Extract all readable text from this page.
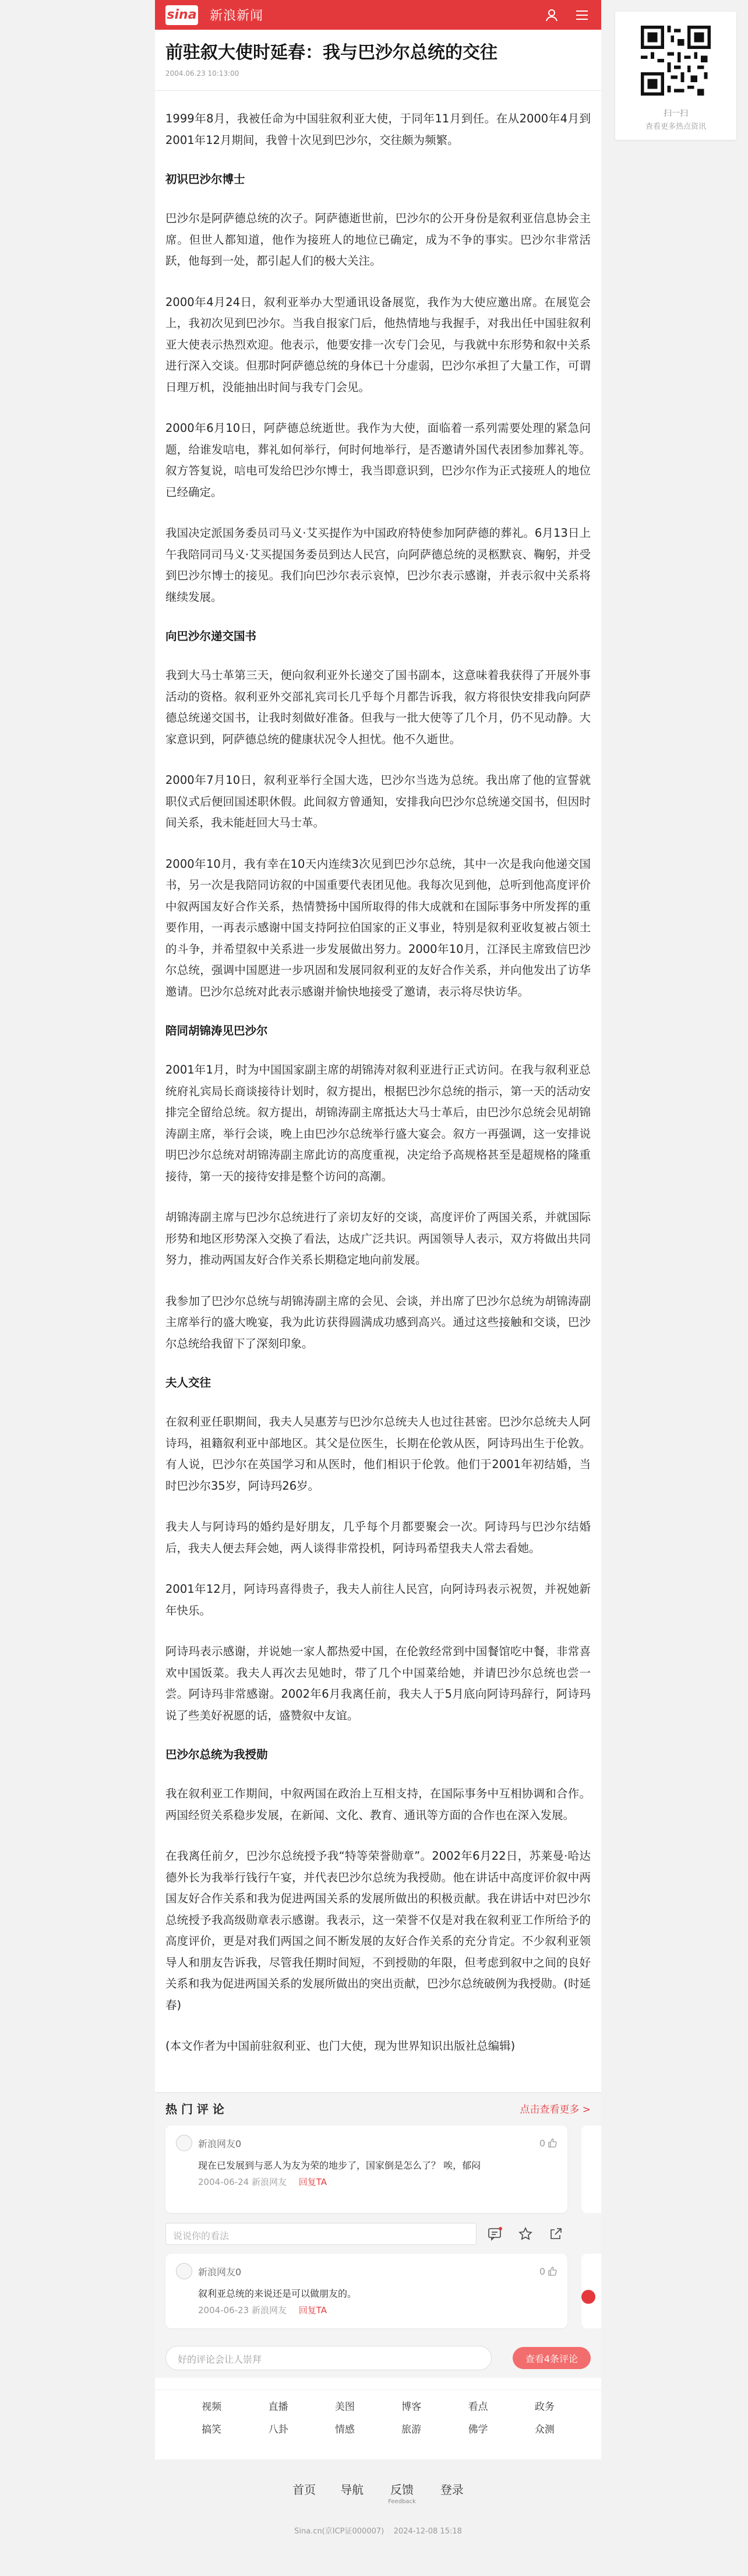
sina 新浪新闻
前驻叙大使时延春：我与巴沙尔总统的交往
2004.06.23 10:13:00

1999年8月，我被任命为中国驻叙利亚大使，于同年11月到任。在从2000年4月到2001年12月期间，我曾十次见到巴沙尔，交往颇为频繁。

初识巴沙尔博士

巴沙尔是阿萨德总统的次子。阿萨德逝世前，巴沙尔的公开身份是叙利亚信息协会主席。但世人都知道，他作为接班人的地位已确定，成为不争的事实。巴沙尔非常活跃，他每到一处，都引起人们的极大关注。

2000年4月24日，叙利亚举办大型通讯设备展览，我作为大使应邀出席。在展览会上，我初次见到巴沙尔。当我自报家门后，他热情地与我握手，对我出任中国驻叙利亚大使表示热烈欢迎。他表示，他要安排一次专门会见，与我就中东形势和叙中关系进行深入交谈。但那时阿萨德总统的身体已十分虚弱，巴沙尔承担了大量工作，可谓日理万机，没能抽出时间与我专门会见。

2000年6月10日，阿萨德总统逝世。我作为大使，面临着一系列需要处理的紧急问题，给谁发唁电，葬礼如何举行，何时何地举行，是否邀请外国代表团参加葬礼等。叙方答复说，唁电可发给巴沙尔博士，我当即意识到，巴沙尔作为正式接班人的地位已经确定。

我国决定派国务委员司马义·艾买提作为中国政府特使参加阿萨德的葬礼。6月13日上午我陪同司马义·艾买提国务委员到达人民宫，向阿萨德总统的灵柩默哀、鞠躬，并受到巴沙尔博士的接见。我们向巴沙尔表示哀悼，巴沙尔表示感谢，并表示叙中关系将继续发展。

向巴沙尔递交国书

我到大马士革第三天，便向叙利亚外长递交了国书副本，这意味着我获得了开展外事活动的资格。叙利亚外交部礼宾司长几乎每个月都告诉我，叙方将很快安排我向阿萨德总统递交国书，让我时刻做好准备。但我与一批大使等了几个月，仍不见动静。大家意识到，阿萨德总统的健康状况令人担忧。他不久逝世。

2000年7月10日，叙利亚举行全国大选，巴沙尔当选为总统。我出席了他的宣誓就职仪式后便回国述职休假。此间叙方曾通知，安排我向巴沙尔总统递交国书，但因时间关系，我未能赶回大马士革。

2000年10月，我有幸在10天内连续3次见到巴沙尔总统，其中一次是我向他递交国书，另一次是我陪同访叙的中国重要代表团见他。我每次见到他，总听到他高度评价中叙两国友好合作关系，热情赞扬中国所取得的伟大成就和在国际事务中所发挥的重要作用，一再表示感谢中国支持阿拉伯国家的正义事业，特别是叙利亚收复被占领土的斗争，并希望叙中关系进一步发展做出努力。2000年10月，江泽民主席致信巴沙尔总统，强调中国愿进一步巩固和发展同叙利亚的友好合作关系，并向他发出了访华邀请。巴沙尔总统对此表示感谢并愉快地接受了邀请，表示将尽快访华。

陪同胡锦涛见巴沙尔

2001年1月，时为中国国家副主席的胡锦涛对叙利亚进行正式访问。在我与叙利亚总统府礼宾局长商谈接待计划时，叙方提出，根据巴沙尔总统的指示，第一天的活动安排完全留给总统。叙方提出，胡锦涛副主席抵达大马士革后，由巴沙尔总统会见胡锦涛副主席，举行会谈，晚上由巴沙尔总统举行盛大宴会。叙方一再强调，这一安排说明巴沙尔总统对胡锦涛副主席此访的高度重视，决定给予高规格甚至是超规格的隆重接待，第一天的接待安排是整个访问的高潮。

胡锦涛副主席与巴沙尔总统进行了亲切友好的交谈，高度评价了两国关系，并就国际形势和地区形势深入交换了看法，达成广泛共识。两国领导人表示，双方将做出共同努力，推动两国友好合作关系长期稳定地向前发展。

我参加了巴沙尔总统与胡锦涛副主席的会见、会谈，并出席了巴沙尔总统为胡锦涛副主席举行的盛大晚宴，我为此访获得圆满成功感到高兴。通过这些接触和交谈，巴沙尔总统给我留下了深刻印象。

夫人交往

在叙利亚任职期间，我夫人吴惠芳与巴沙尔总统夫人也过往甚密。巴沙尔总统夫人阿诗玛，祖籍叙利亚中部地区。其父是位医生，长期在伦敦从医，阿诗玛出生于伦敦。有人说，巴沙尔在英国学习和从医时，他们相识于伦敦。他们于2001年初结婚，当时巴沙尔35岁，阿诗玛26岁。

我夫人与阿诗玛的婚约是好朋友，几乎每个月都要聚会一次。阿诗玛与巴沙尔结婚后，我夫人便去拜会她，两人谈得非常投机，阿诗玛希望我夫人常去看她。

2001年12月，阿诗玛喜得贵子，我夫人前往人民宫，向阿诗玛表示祝贺，并祝她新年快乐。

阿诗玛表示感谢，并说她一家人都热爱中国，在伦敦经常到中国餐馆吃中餐，非常喜欢中国饭菜。我夫人再次去见她时，带了几个中国菜给她，并请巴沙尔总统也尝一尝。阿诗玛非常感谢。2002年6月我离任前，我夫人于5月底向阿诗玛辞行，阿诗玛说了些美好祝愿的话，盛赞叙中友谊。

巴沙尔总统为我授勋

我在叙利亚工作期间，中叙两国在政治上互相支持，在国际事务中互相协调和合作。两国经贸关系稳步发展，在新闻、文化、教育、通讯等方面的合作也在深入发展。

在我离任前夕，巴沙尔总统授予我“特等荣誉勋章”。2002年6月22日，苏莱曼·哈达德外长为我举行钱行午宴，并代表巴沙尔总统为我授勋。他在讲话中高度评价叙中两国友好合作关系和我为促进两国关系的发展所做出的积极贡献。我在讲话中对巴沙尔总统授予我高级勋章表示感谢。我表示，这一荣誉不仅是对我在叙利亚工作所给予的高度评价，更是对我们两国之间不断发展的友好合作关系的充分肯定。不少叙利亚领导人和朋友告诉我，尽管我任期时间短，不到授勋的年限，但考虑到叙中之间的良好关系和我为促进两国关系的发展所做出的突出贡献，巴沙尔总统破例为我授勋。(时延春)

(本文作者为中国前驻叙利亚、也门大使，现为世界知识出版社总编辑)

热 门 评 论	点击查看更多 >
新浪网友0	0
现在已发展到与恶人为友为荣的地步了，国家倒是怎么了？ 唉，郁闷
2004-06-24 新浪网友 回复TA
说说你的看法
新浪网友0	0
叙利亚总统的来说还是可以做朋友的。
2004-06-23 新浪网友 回复TA
好的评论会让人崇拜	查看4条评论
视频	直播	美图	博客	看点	政务
搞笑	八卦	情感	旅游	佛学	众测
首页 导航 反馈
Feedback
登录
Sina.cn(京ICP证000007) 2024-12-08 15:18
扫一扫
查看更多热点资讯
